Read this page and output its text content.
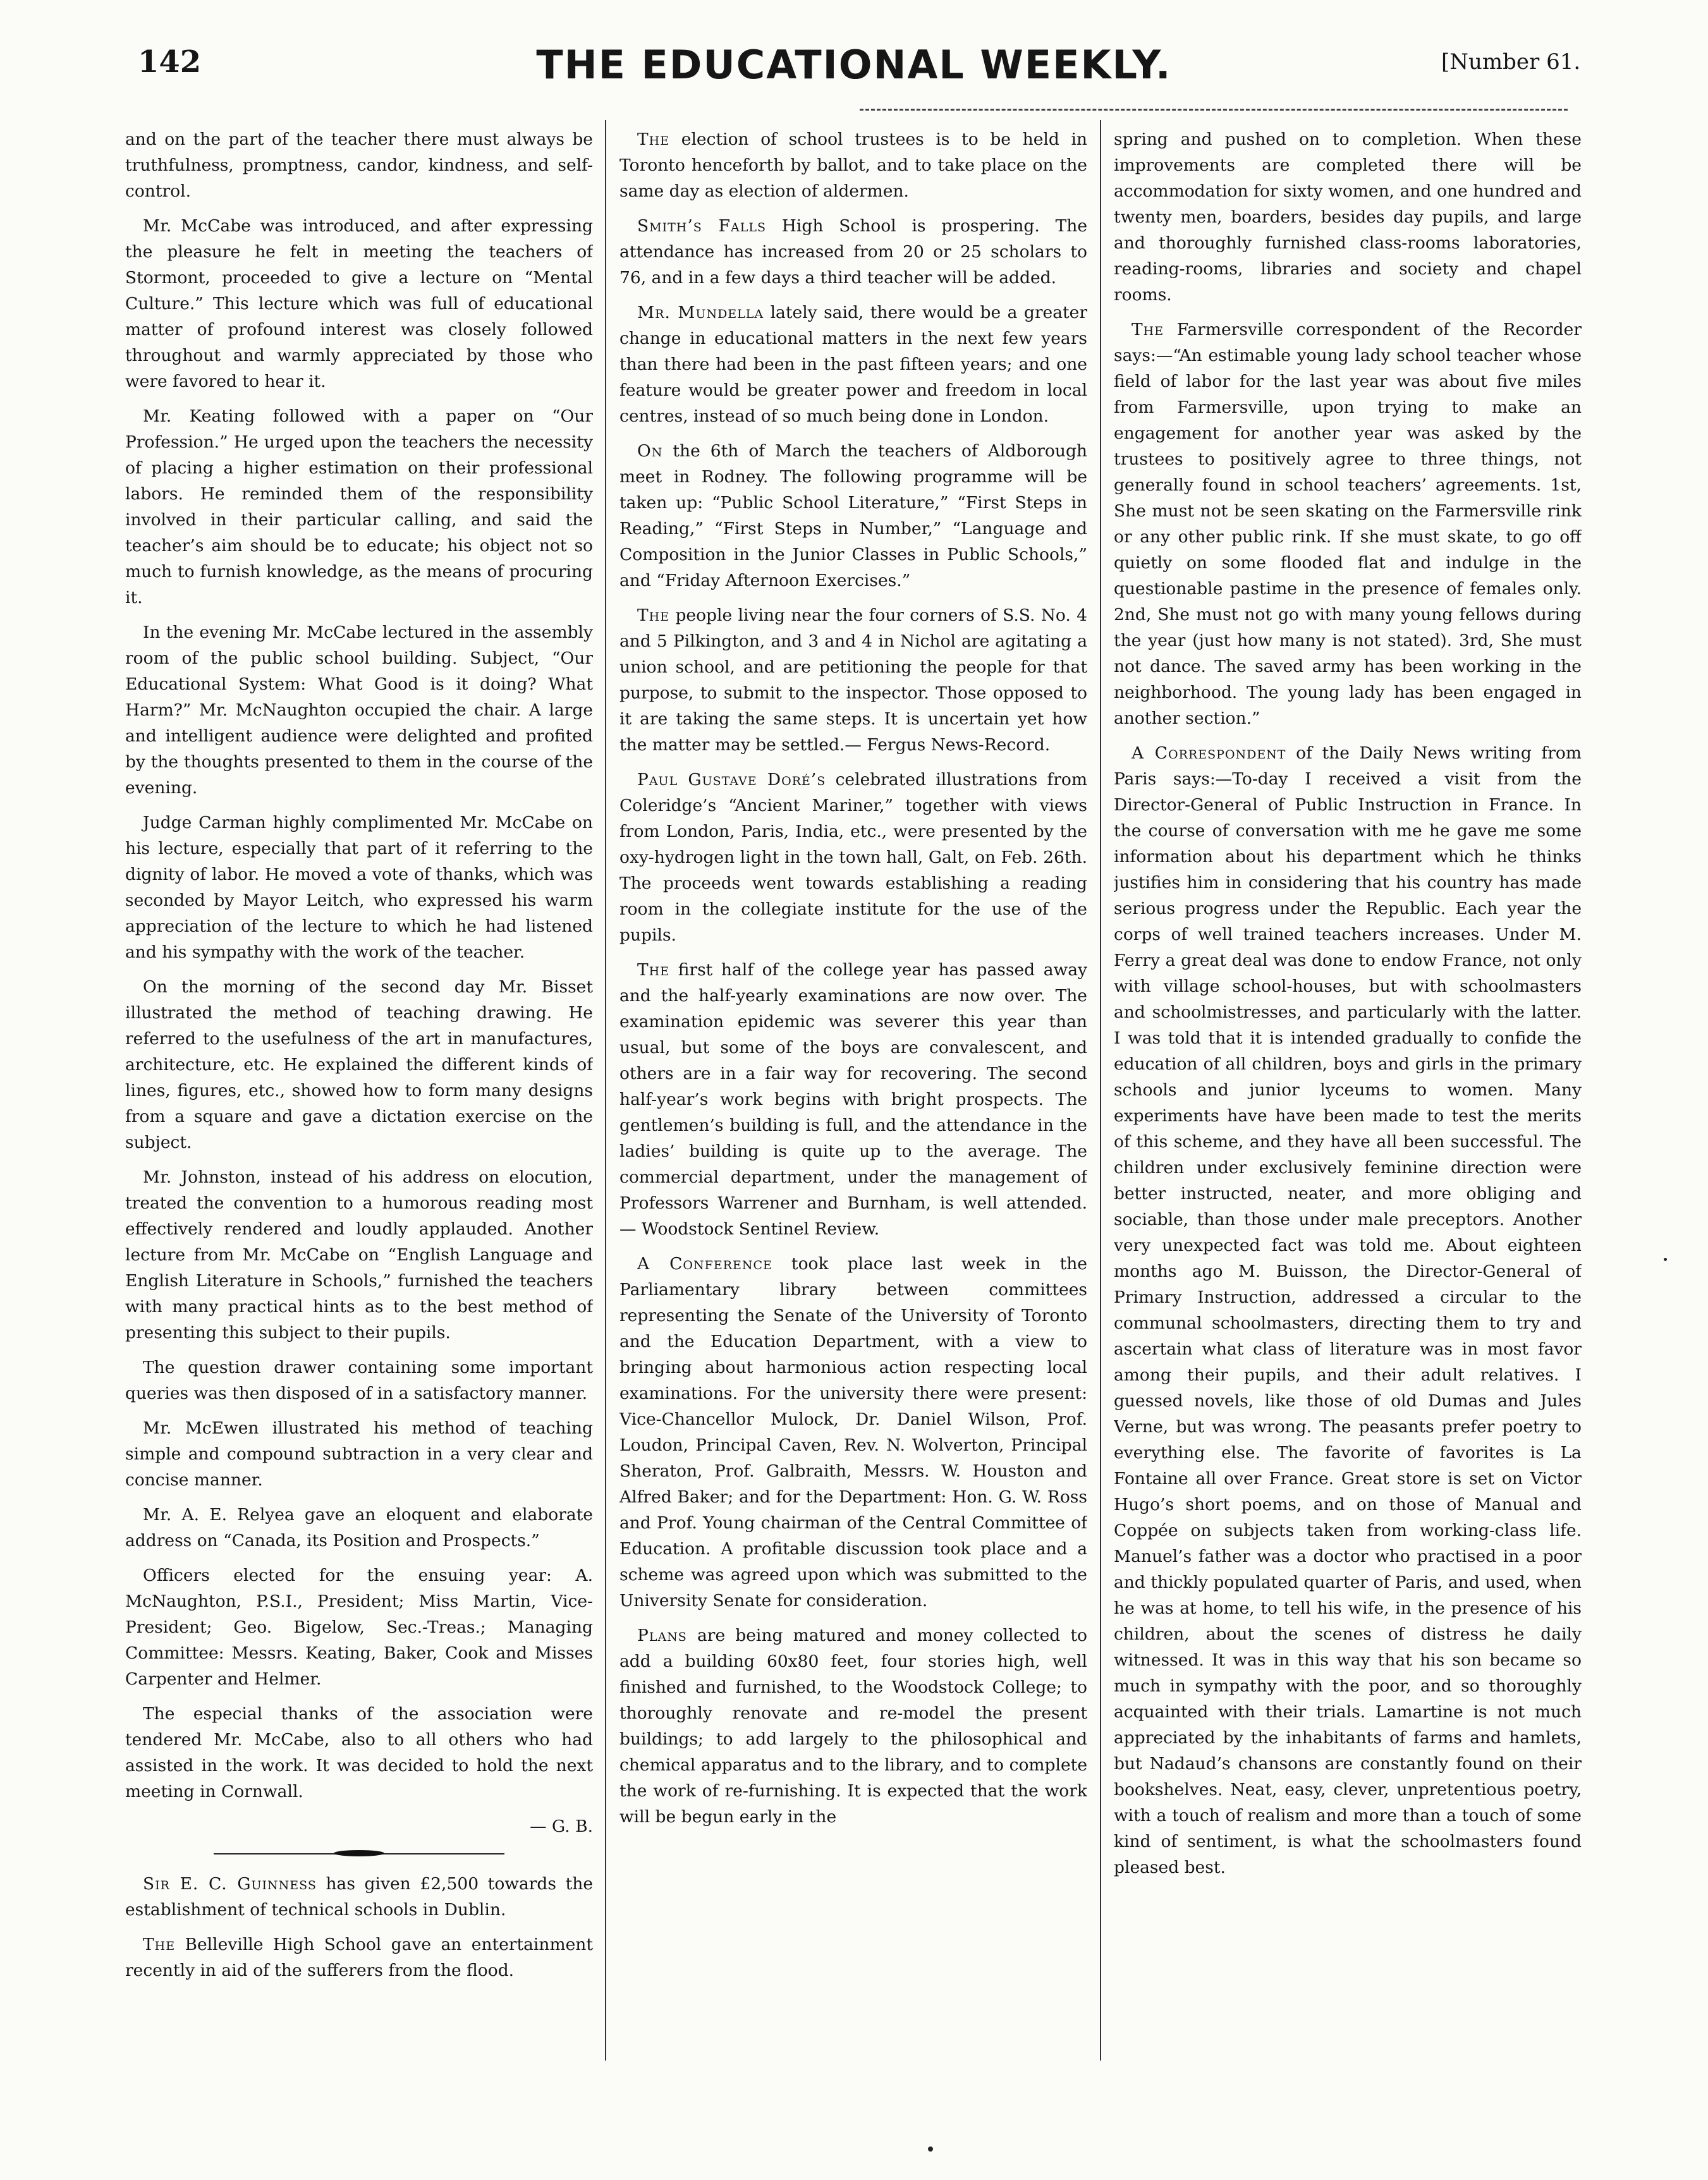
142	THE EDUCATIONAL WEEKLY.	[Number 61.

and on the part of the teacher there must always be truthfulness, promptness, candor, kindness, and self-control.

Mr. McCabe was introduced, and after expressing the pleasure he felt in meeting the teachers of Stormont, proceeded to give a lecture on “Mental Culture.” This lecture which was full of educational matter of profound interest was closely followed throughout and warmly appreciated by those who were favored to hear it.

Mr. Keating followed with a paper on “Our Profession.” He urged upon the teachers the necessity of placing a higher estimation on their professional labors. He reminded them of the responsibility involved in their particular calling, and said the teacher’s aim should be to educate; his object not so much to furnish knowledge, as the means of procuring it.

In the evening Mr. McCabe lectured in the assembly room of the public school building. Subject, “Our Educational System: What Good is it doing? What Harm?” Mr. McNaughton occupied the chair. A large and intelligent audience were delighted and profited by the thoughts presented to them in the course of the evening.

Judge Carman highly complimented Mr. McCabe on his lecture, especially that part of it referring to the dignity of labor. He moved a vote of thanks, which was seconded by Mayor Leitch, who expressed his warm appreciation of the lecture to which he had listened and his sympathy with the work of the teacher.

On the morning of the second day Mr. Bisset illustrated the method of teaching drawing. He referred to the usefulness of the art in manufactures, architecture, etc. He explained the different kinds of lines, figures, etc., showed how to form many designs from a square and gave a dictation exercise on the subject.

Mr. Johnston, instead of his address on elocution, treated the convention to a humorous reading most effectively rendered and loudly applauded. Another lecture from Mr. McCabe on “English Language and English Literature in Schools,” furnished the teachers with many practical hints as to the best method of presenting this subject to their pupils.

The question drawer containing some important queries was then disposed of in a satisfactory manner.

Mr. McEwen illustrated his method of teaching simple and compound subtraction in a very clear and concise manner.

Mr. A. E. Relyea gave an eloquent and elaborate address on “Canada, its Position and Prospects.”

Officers elected for the ensuing year: A. McNaughton, P.S.I., President; Miss Martin, Vice-President; Geo. Bigelow, Sec.-Treas.; Managing Committee: Messrs. Keating, Baker, Cook and Misses Carpenter and Helmer.

The especial thanks of the association were tendered Mr. McCabe, also to all others who had assisted in the work. It was decided to hold the next meeting in Cornwall.

— G. B.

Sir E. C. Guinness has given £2,500 towards the establishment of technical schools in Dublin.

The Belleville High School gave an entertainment recently in aid of the sufferers from the flood.

The election of school trustees is to be held in Toronto henceforth by ballot, and to take place on the same day as election of aldermen.

Smith’s Falls High School is prospering. The attendance has increased from 20 or 25 scholars to 76, and in a few days a third teacher will be added.

Mr. Mundella lately said, there would be a greater change in educational matters in the next few years than there had been in the past fifteen years; and one feature would be greater power and freedom in local centres, instead of so much being done in London.

On the 6th of March the teachers of Aldborough meet in Rodney. The following programme will be taken up: “Public School Literature,” “First Steps in Reading,” “First Steps in Number,” “Language and Composition in the Junior Classes in Public Schools,” and “Friday Afternoon Exercises.”

The people living near the four corners of S.S. No. 4 and 5 Pilkington, and 3 and 4 in Nichol are agitating a union school, and are petitioning the people for that purpose, to submit to the inspector. Those opposed to it are taking the same steps. It is uncertain yet how the matter may be settled.— Fergus News-Record.

Paul Gustave Doré’s celebrated illustrations from Coleridge’s “Ancient Mariner,” together with views from London, Paris, India, etc., were presented by the oxy-hydrogen light in the town hall, Galt, on Feb. 26th. The proceeds went towards establishing a reading room in the collegiate institute for the use of the pupils.

The first half of the college year has passed away and the half-yearly examinations are now over. The examination epidemic was severer this year than usual, but some of the boys are convalescent, and others are in a fair way for recovering. The second half-year’s work begins with bright prospects. The gentlemen’s building is full, and the attendance in the ladies’ building is quite up to the average. The commercial department, under the management of Professors Warrener and Burnham, is well attended. — Woodstock Sentinel Review.

A Conference took place last week in the Parliamentary library between committees representing the Senate of the University of Toronto and the Education Department, with a view to bringing about harmonious action respecting local examinations. For the university there were present: Vice-Chancellor Mulock, Dr. Daniel Wilson, Prof. Loudon, Principal Caven, Rev. N. Wolverton, Principal Sheraton, Prof. Galbraith, Messrs. W. Houston and Alfred Baker; and for the Department: Hon. G. W. Ross and Prof. Young chairman of the Central Committee of Education. A profitable discussion took place and a scheme was agreed upon which was submitted to the University Senate for consideration.

Plans are being matured and money collected to add a building 60x80 feet, four stories high, well finished and furnished, to the Woodstock College; to thoroughly renovate and re-model the present buildings; to add largely to the philosophical and chemical apparatus and to the library, and to complete the work of re-furnishing. It is expected that the work will be begun early in the

spring and pushed on to completion. When these improvements are completed there will be accommodation for sixty women, and one hundred and twenty men, boarders, besides day pupils, and large and thoroughly furnished class-rooms laboratories, reading-rooms, libraries and society and chapel rooms.

The Farmersville correspondent of the Recorder says:—“An estimable young lady school teacher whose field of labor for the last year was about five miles from Farmersville, upon trying to make an engagement for another year was asked by the trustees to positively agree to three things, not generally found in school teachers’ agreements. 1st, She must not be seen skating on the Farmersville rink or any other public rink. If she must skate, to go off quietly on some flooded flat and indulge in the questionable pastime in the presence of females only. 2nd, She must not go with many young fellows during the year (just how many is not stated). 3rd, She must not dance. The saved army has been working in the neighborhood. The young lady has been engaged in another section.”

A Correspondent of the Daily News writing from Paris says:—To-day I received a visit from the Director-General of Public Instruction in France. In the course of conversation with me he gave me some information about his department which he thinks justifies him in considering that his country has made serious progress under the Republic. Each year the corps of well trained teachers increases. Under M. Ferry a great deal was done to endow France, not only with village school-houses, but with schoolmasters and schoolmistresses, and particularly with the latter. I was told that it is intended gradually to confide the education of all children, boys and girls in the primary schools and junior lyceums to women. Many experiments have have been made to test the merits of this scheme, and they have all been successful. The children under exclusively feminine direction were better instructed, neater, and more obliging and sociable, than those under male preceptors. Another very unexpected fact was told me. About eighteen months ago M. Buisson, the Director-General of Primary Instruction, addressed a circular to the communal schoolmasters, directing them to try and ascertain what class of literature was in most favor among their pupils, and their adult relatives. I guessed novels, like those of old Dumas and Jules Verne, but was wrong. The peasants prefer poetry to everything else. The favorite of favorites is La Fontaine all over France. Great store is set on Victor Hugo’s short poems, and on those of Manual and Coppée on subjects taken from working-class life. Manuel’s father was a doctor who practised in a poor and thickly populated quarter of Paris, and used, when he was at home, to tell his wife, in the presence of his children, about the scenes of distress he daily witnessed. It was in this way that his son became so much in sympathy with the poor, and so thoroughly acquainted with their trials. Lamartine is not much appreciated by the inhabitants of farms and hamlets, but Nadaud’s chansons are constantly found on their bookshelves. Neat, easy, clever, unpretentious poetry, with a touch of realism and more than a touch of some kind of sentiment, is what the schoolmasters found pleased best.
